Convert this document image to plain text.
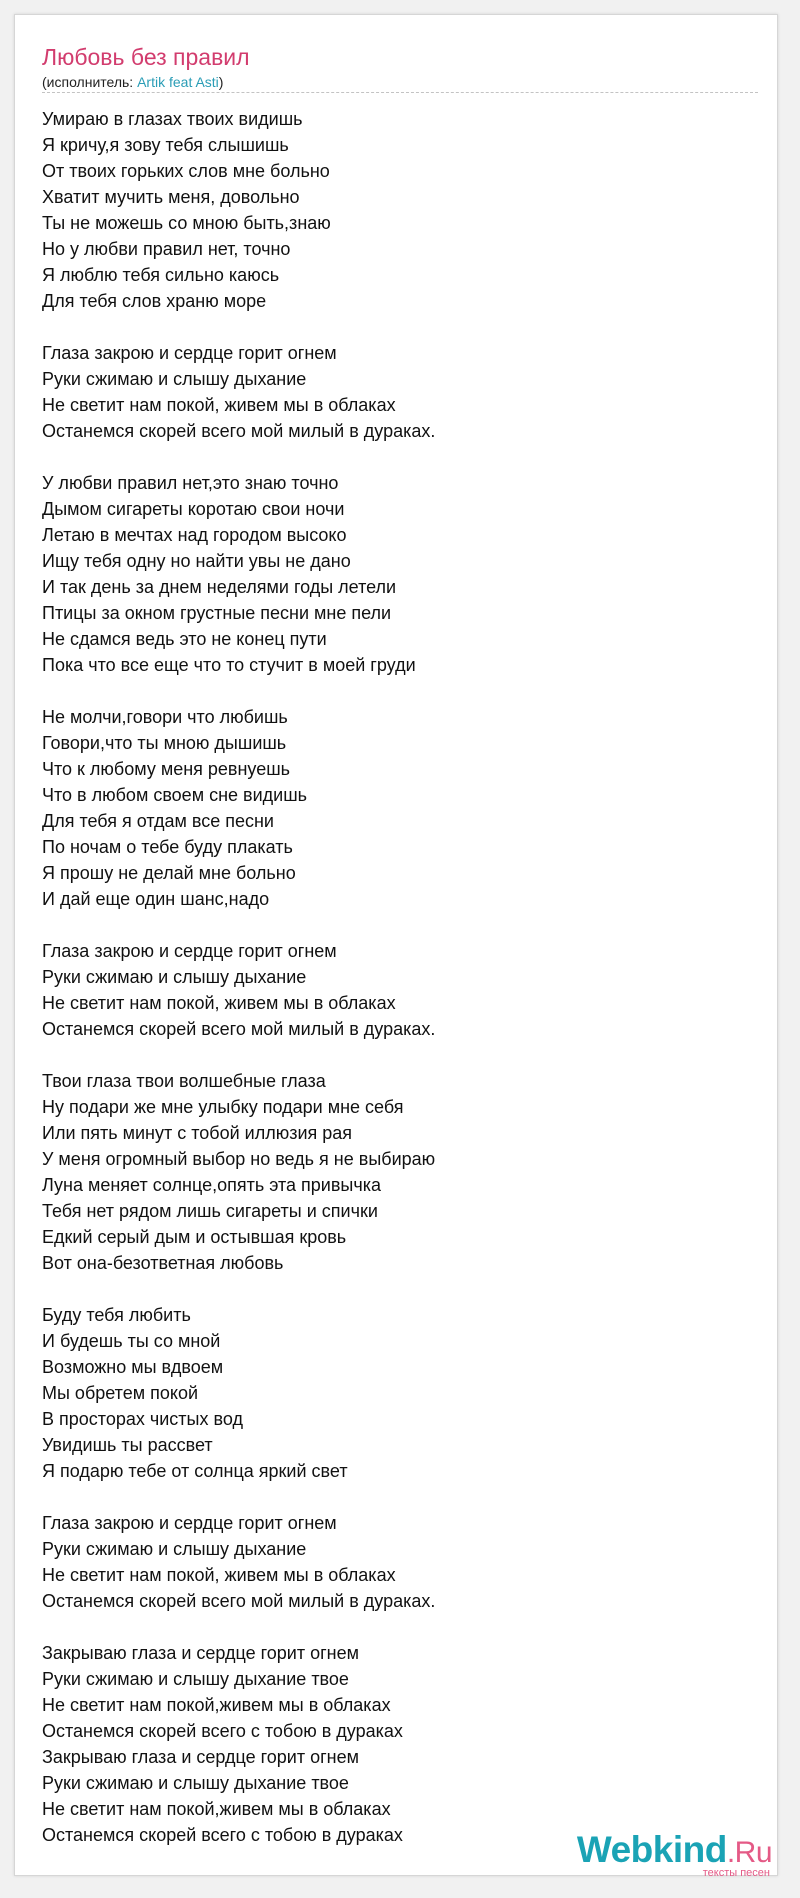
Любовь без правил
(исполнитель: Artik feat Asti)
Умираю в глазах твоих видишь
Я кричу,я зову тебя слышишь
От твоих горьких слов мне больно
Хватит мучить меня, довольно
Ты не можешь со мною быть,знаю
Но у любви правил нет, точно
Я люблю тебя сильно каюсь
Для тебя слов храню море
Глаза закрою и сердце горит огнем
Руки сжимаю и слышу дыхание
Не светит нам покой, живем мы в облаках
Останемся скорей всего мой милый в дураках.
У любви правил нет,это знаю точно
Дымом сигареты коротаю свои ночи
Летаю в мечтах над городом высоко
Ищу тебя одну но найти увы не дано
И так день за днем неделями годы летели
Птицы за окном грустные песни мне пели
Не сдамся ведь это не конец пути
Пока что все еще что то стучит в моей груди
Не молчи,говори что любишь
Говори,что ты мною дышишь
Что к любому меня ревнуешь
Что в любом своем сне видишь
Для тебя я отдам все песни
По ночам о тебе буду плакать
Я прошу не делай мне больно
И дай еще один шанс,надо
Глаза закрою и сердце горит огнем
Руки сжимаю и слышу дыхание
Не светит нам покой, живем мы в облаках
Останемся скорей всего мой милый в дураках.
Твои глаза твои волшебные глаза
Ну подари же мне улыбку подари мне себя
Или пять минут с тобой иллюзия рая
У меня огромный выбор но ведь я не выбираю
Луна меняет солнце,опять эта привычка
Тебя нет рядом лишь сигареты и спички
Едкий серый дым и остывшая кровь
Вот она-безответная любовь
Буду тебя любить
И будешь ты со мной
Возможно мы вдвоем
Мы обретем покой
В просторах чистых вод
Увидишь ты рассвет
Я подарю тебе от солнца яркий свет
Глаза закрою и сердце горит огнем
Руки сжимаю и слышу дыхание
Не светит нам покой, живем мы в облаках
Останемся скорей всего мой милый в дураках.
Закрываю глаза и сердце горит огнем
Руки сжимаю и слышу дыхание твое
Не светит нам покой,живем мы в облаках
Останемся скорей всего с тобою в дураках
Закрываю глаза и сердце горит огнем
Руки сжимаю и слышу дыхание твое
Не светит нам покой,живем мы в облаках
Останемся скорей всего с тобою в дураках	Webkind.Ru
тексты песен
